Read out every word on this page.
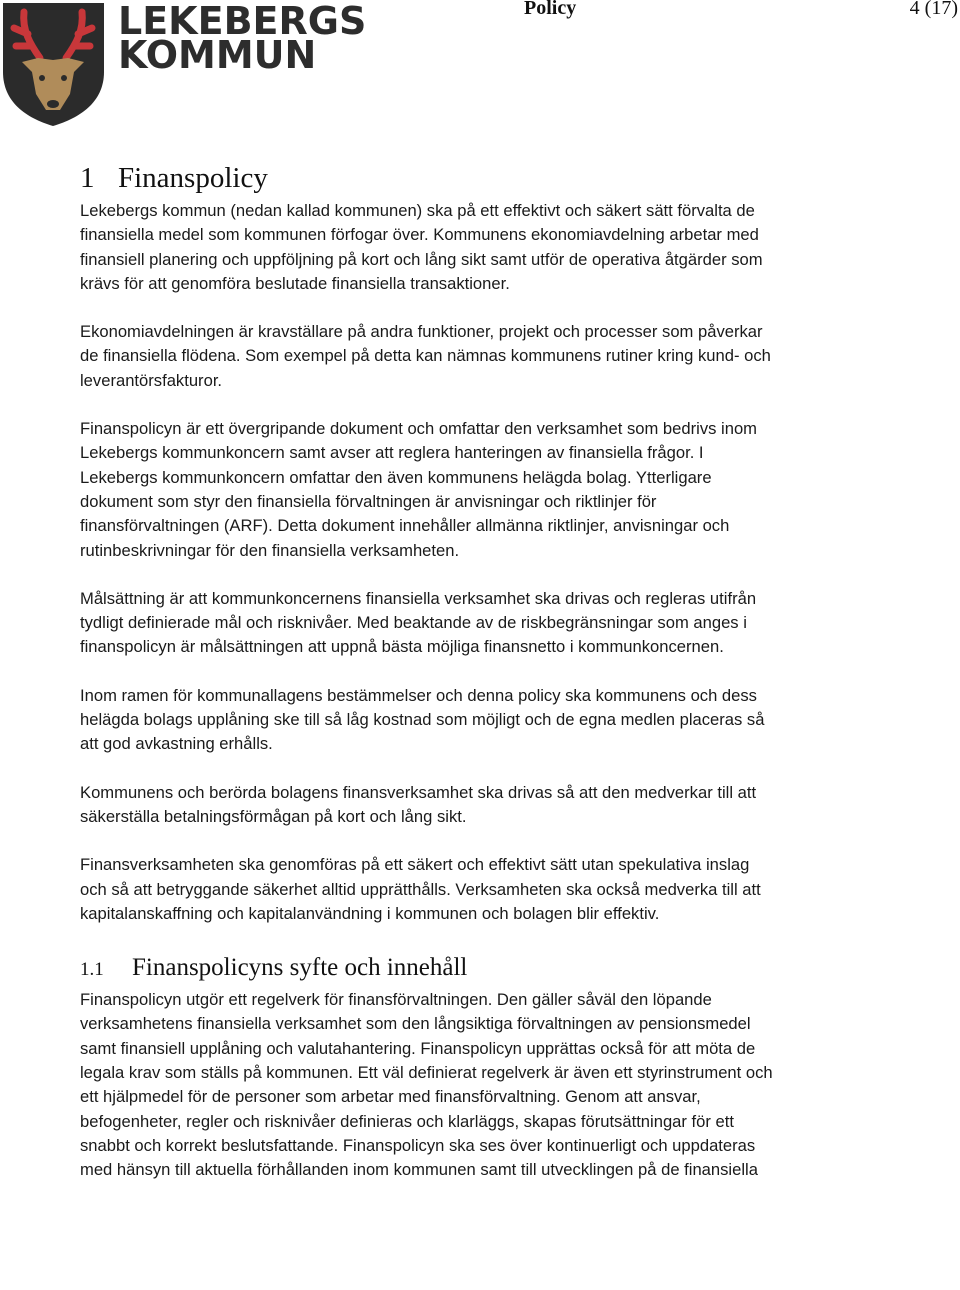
LEKEBERGS
KOMMUN
Policy	4 (17)
1 Finanspolicy

Lekebergs kommun (nedan kallad kommunen) ska på ett effektivt och säkert sätt förvalta de finansiella medel som kommunen förfogar över. Kommunens ekonomiavdelning arbetar med finansiell planering och uppföljning på kort och lång sikt samt utför de operativa åtgärder som krävs för att genomföra beslutade finansiella transaktioner.

Ekonomiavdelningen är kravställare på andra funktioner, projekt och processer som påverkar de finansiella flödena. Som exempel på detta kan nämnas kommunens rutiner kring kund- och leverantörsfakturor.

Finanspolicyn är ett övergripande dokument och omfattar den verksamhet som bedrivs inom Lekebergs kommunkoncern samt avser att reglera hanteringen av finansiella frågor. I Lekebergs kommunkoncern omfattar den även kommunens helägda bolag. Ytterligare dokument som styr den finansiella förvaltningen är anvisningar och riktlinjer för finansförvaltningen (ARF). Detta dokument innehåller allmänna riktlinjer, anvisningar och rutinbeskrivningar för den finansiella verksamheten.

Målsättning är att kommunkoncernens finansiella verksamhet ska drivas och regleras utifrån tydligt definierade mål och risknivåer. Med beaktande av de riskbegränsningar som anges i finanspolicyn är målsättningen att uppnå bästa möjliga finansnetto i kommunkoncernen.

Inom ramen för kommunallagens bestämmelser och denna policy ska kommunens och dess helägda bolags upplåning ske till så låg kostnad som möjligt och de egna medlen placeras så att god avkastning erhålls.

Kommunens och berörda bolagens finansverksamhet ska drivas så att den medverkar till att säkerställa betalningsförmågan på kort och lång sikt.

Finansverksamheten ska genomföras på ett säkert och effektivt sätt utan spekulativa inslag och så att betryggande säkerhet alltid upprätthålls. Verksamheten ska också medverka till att kapitalanskaffning och kapitalanvändning i kommunen och bolagen blir effektiv.

1.1 Finanspolicyns syfte och innehåll

Finanspolicyn utgör ett regelverk för finansförvaltningen. Den gäller såväl den löpande verksamhetens finansiella verksamhet som den långsiktiga förvaltningen av pensionsmedel samt finansiell upplåning och valutahantering. Finanspolicyn upprättas också för att möta de legala krav som ställs på kommunen. Ett väl definierat regelverk är även ett styrinstrument och ett hjälpmedel för de personer som arbetar med finansförvaltning. Genom att ansvar, befogenheter, regler och risknivåer definieras och klarläggs, skapas förutsättningar för ett snabbt och korrekt beslutsfattande. Finanspolicyn ska ses över kontinuerligt och uppdateras med hänsyn till aktuella förhållanden inom kommunen samt till utvecklingen på de finansiella
